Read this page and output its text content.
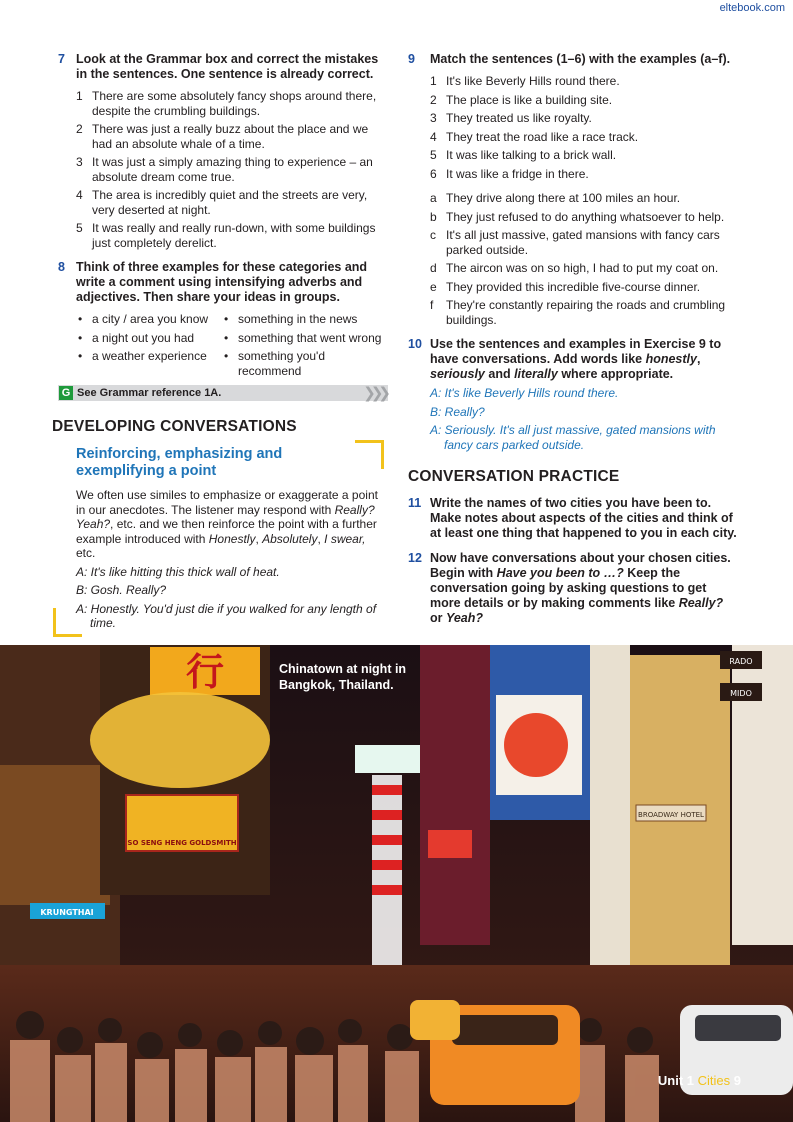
eltebook.com
7 Look at the Grammar box and correct the mistakes in the sentences. One sentence is already correct.
1 There are some absolutely fancy shops around there, despite the crumbling buildings.
2 There was just a really buzz about the place and we had an absolute whale of a time.
3 It was just a simply amazing thing to experience – an absolute dream come true.
4 The area is incredibly quiet and the streets are very, very deserted at night.
5 It was really and really run-down, with some buildings just completely derelict.
8 Think of three examples for these categories and write a comment using intensifying adverbs and adjectives. Then share your ideas in groups.
• a city / area you know	• something in the news
• a night out you had	• something that went wrong
• a weather experience	• something you'd recommend
G See Grammar reference 1A.	❯❯❯
DEVELOPING CONVERSATIONS
Reinforcing, emphasizing and exemplifying a point
We often use similes to emphasize or exaggerate a point in our anecdotes. The listener may respond with Really? Yeah?, etc. and we then reinforce the point with a further example introduced with Honestly, Absolutely, I swear, etc.
A: It's like hitting this thick wall of heat.
B: Gosh. Really?
A: Honestly. You'd just die if you walked for any length of time.
9 Match the sentences (1–6) with the examples (a–f).
1 It's like Beverly Hills round there.
2 The place is like a building site.
3 They treated us like royalty.
4 They treat the road like a race track.
5 It was like talking to a brick wall.
6 It was like a fridge in there.
a They drive along there at 100 miles an hour.
b They just refused to do anything whatsoever to help.
c It's all just massive, gated mansions with fancy cars parked outside.
d The aircon was on so high, I had to put my coat on.
e They provided this incredible five-course dinner.
f They're constantly repairing the roads and crumbling buildings.
10 Use the sentences and examples in Exercise 9 to have conversations. Add words like honestly, seriously and literally where appropriate.
A: It's like Beverly Hills round there.
B: Really?
A: Seriously. It's all just massive, gated mansions with fancy cars parked outside.
CONVERSATION PRACTICE
11 Write the names of two cities you have been to. Make notes about aspects of the cities and think of at least one thing that happened to you in each city.
12 Now have conversations about your chosen cities. Begin with Have you been to …? Keep the conversation going by asking questions to get more details or by making comments like Really? or Yeah?
行
SO SENG HENG GOLDSMITH
KRUNGTHAI
RADO
MIDO
BROADWAY HOTEL
Chinatown at night in Bangkok, Thailand.
Unit 1 Cities 9
